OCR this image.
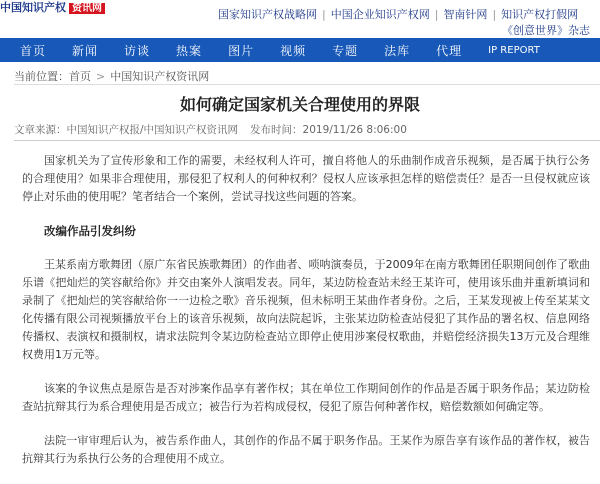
中国知识产权 资讯网	国家知识产权战略网 | 中国企业知识产权网 | 智南针网 | 知识产权打假网
《创意世界》杂志
首页 新闻 访谈 热案 图片 视频 专题 法库 代理	IP REPORT
当前位置：首页 > 中国知识产权资讯网
如何确定国家机关合理使用的界限
文章来源：中国知识产权报/中国知识产权资讯网 发布时间：2019/11/26 8:06:00

国家机关为了宣传形象和工作的需要，未经权利人许可，擅自将他人的乐曲制作成音乐视频，是否属于执行公务的合理使用？如果非合理使用，那侵犯了权利人的何种权利？侵权人应该承担怎样的赔偿责任？是否一旦侵权就应该停止对乐曲的使用呢？笔者结合一个案例，尝试寻找这些问题的答案。

改编作品引发纠纷

王某系南方歌舞团（原广东省民族歌舞团）的作曲者、唢呐演奏员，于2009年在南方歌舞团任职期间创作了歌曲乐谱《把灿烂的笑容献给你》并交由案外人演唱发表。同年，某边防检查站未经王某许可，使用该乐曲并重新填词和录制了《把灿烂的笑容献给你一一边检之歌》音乐视频，但未标明王某曲作者身份。之后，王某发现被上传至某某文化传播有限公司视频播放平台上的该音乐视频，故向法院起诉，主张某边防检查站侵犯了其作品的署名权、信息网络传播权、表演权和摄制权，请求法院判令某边防检查站立即停止使用涉案侵权歌曲，并赔偿经济损失13万元及合理维权费用1万元等。

该案的争议焦点是原告是否对涉案作品享有著作权；其在单位工作期间创作的作品是否属于职务作品；某边防检查站抗辩其行为系合理使用是否成立；被告行为若构成侵权，侵犯了原告何种著作权，赔偿数额如何确定等。

法院一审审理后认为，被告系作曲人，其创作的作品不属于职务作品。王某作为原告享有该作品的著作权，被告抗辩其行为系执行公务的合理使用不成立。
